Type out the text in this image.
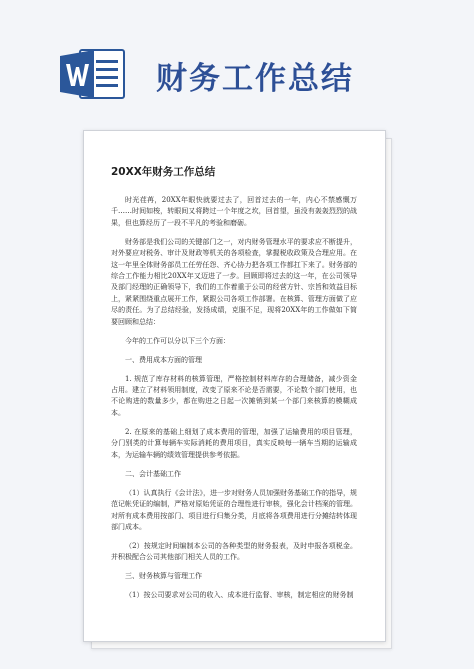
财务工作总结
20XX年财务工作总结

时光荏苒，20XX年眼快就要过去了，回首过去的一年，内心不禁感慨万千……时间如梭，转眼间又将跨过一个年度之坎，回首望，虽没有轰轰烈烈的战果，但也算经历了一段不平凡的考验和磨砺。

财务部是我们公司的关键部门之一，对内财务管理水平的要求应不断提升，对外要应对税务、审计及财政等机关的各项检查，掌握税收政策及合理应用。在这一年里全体财务部员工任劳任怨、齐心协力把各项工作都扛下来了。财务部的综合工作能力相比20XX年又迈进了一步。回顾即将过去的这一年，在公司领导及部门经理的正确领导下，我们的工作着重于公司的经营方针、宗旨和效益目标上，紧紧围绕重点展开工作，紧跟公司各项工作部署。在核算、管理方面做了应尽的责任。为了总结经验，发扬成绩，克服不足，现将20XX年的工作做如下简要回顾和总结：

今年的工作可以分以下三个方面：

一、费用成本方面的管理

1. 规范了库存材料的核算管理，严格控制材料库存的合理储备，减少资金占用。建立了材料领用制度，改变了原来不论是否需要，不论数个部门使用，也不论购进的数量多少，都在购进之日起一次摊销到某一个部门来核算的模糊成本。

2. 在原来的基础上细划了成本费用的管理，加强了运输费用的项目管理，分门别类的计算每辆车实际消耗的费用项目，真实反映每一辆车当期的运输成本，为运输车辆的绩效管理提供参考依据。

二、会计基础工作

（1）认真执行《会计法》，进一步对财务人员加强财务基础工作的指导，规范记帐凭证的编制，严格对原始凭证的合理性进行审核，强化会计档案的管理。对所有成本费用按部门、项目进行归集分类，月底将各项费用进行分摊结转体现部门成本。

（2）按规定时间编制本公司的各种类型的财务报表，及时申报各项税金。并积极配合公司其他部门相关人员的工作。

三、财务核算与管理工作

（1）按公司要求对公司的收入、成本进行监督、审核，制定相应的财务制
